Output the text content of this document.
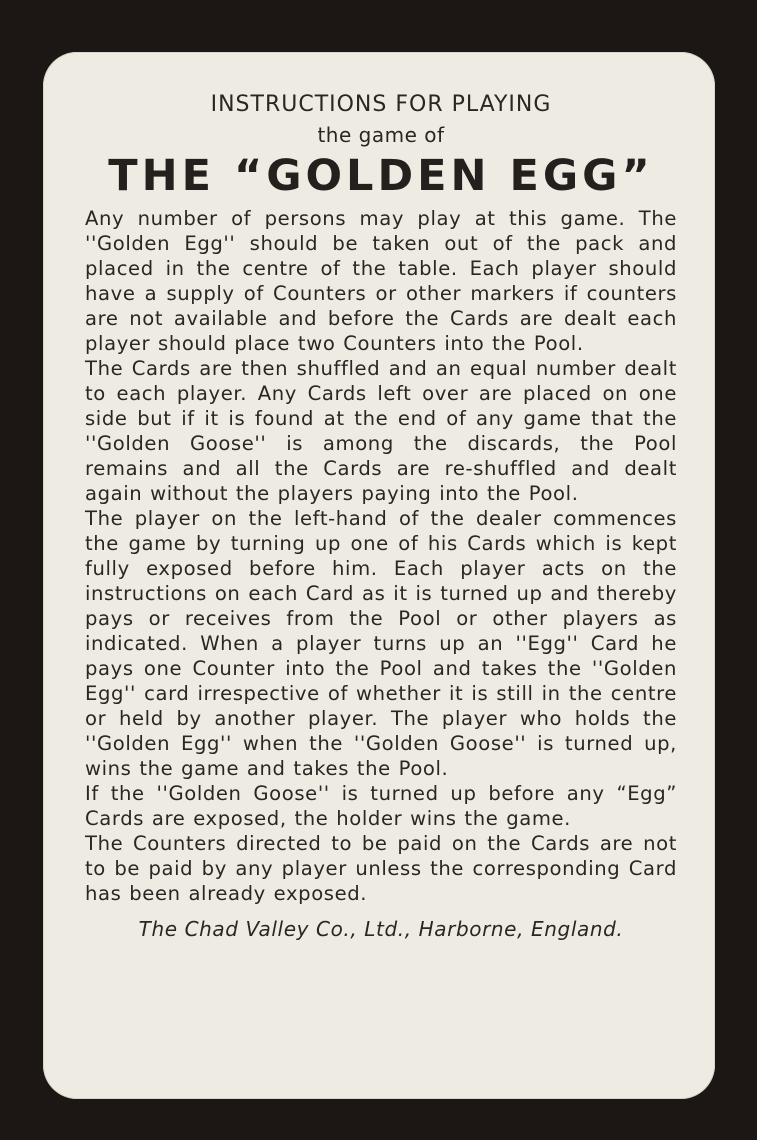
INSTRUCTIONS FOR PLAYING
the game of
THE “GOLDEN EGG”

Any number of persons may play at this game. The ''Golden Egg'' should be taken out of the pack and placed in the centre of the table. Each player should have a supply of Counters or other markers if counters are not available and before the Cards are dealt each player should place two Counters into the Pool.

The Cards are then shuffled and an equal number dealt to each player. Any Cards left over are placed on one side but if it is found at the end of any game that the ''Golden Goose'' is among the discards, the Pool remains and all the Cards are re-shuffled and dealt again without the players paying into the Pool.

The player on the left-hand of the dealer commences the game by turning up one of his Cards which is kept fully exposed before him. Each player acts on the instructions on each Card as it is turned up and thereby pays or receives from the Pool or other players as indicated. When a player turns up an ''Egg'' Card he pays one Counter into the Pool and takes the ''Golden Egg'' card irrespective of whether it is still in the centre or held by another player. The player who holds the ''Golden Egg'' when the ''Golden Goose'' is turned up, wins the game and takes the Pool.

If the ''Golden Goose'' is turned up before any “Egg” Cards are exposed, the holder wins the game.

The Counters directed to be paid on the Cards are not to be paid by any player unless the corresponding Card has been already exposed.

The Chad Valley Co., Ltd., Harborne, England.
